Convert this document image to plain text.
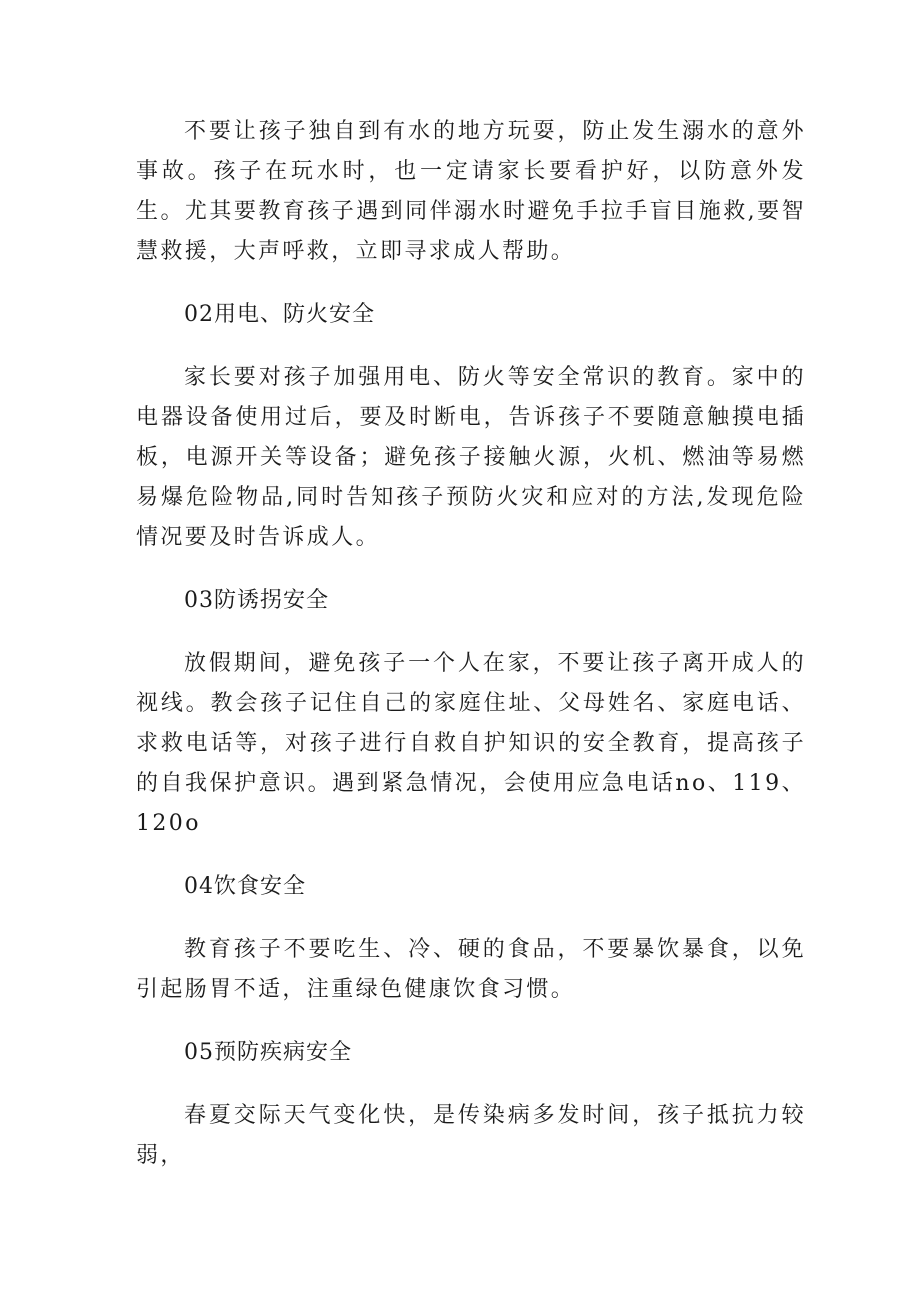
不要让孩子独自到有水的地方玩耍，防止发生溺水的意外事故。孩子在玩水时，也一定请家长要看护好，以防意外发生。尤其要教育孩子遇到同伴溺水时避免手拉手盲目施救,要智慧救援，大声呼救，立即寻求成人帮助。

02用电、防火安全

家长要对孩子加强用电、防火等安全常识的教育。家中的电器设备使用过后，要及时断电，告诉孩子不要随意触摸电插板，电源开关等设备；避免孩子接触火源，火机、燃油等易燃易爆危险物品,同时告知孩子预防火灾和应对的方法,发现危险情况要及时告诉成人。

03防诱拐安全

放假期间，避免孩子一个人在家，不要让孩子离开成人的视线。教会孩子记住自己的家庭住址、父母姓名、家庭电话、求救电话等，对孩子进行自救自护知识的安全教育，提高孩子的自我保护意识。遇到紧急情况，会使用应急电话no、119、120o

04饮食安全

教育孩子不要吃生、冷、硬的食品，不要暴饮暴食，以免引起肠胃不适，注重绿色健康饮食习惯。

05预防疾病安全

春夏交际天气变化快，是传染病多发时间，孩子抵抗力较弱，
